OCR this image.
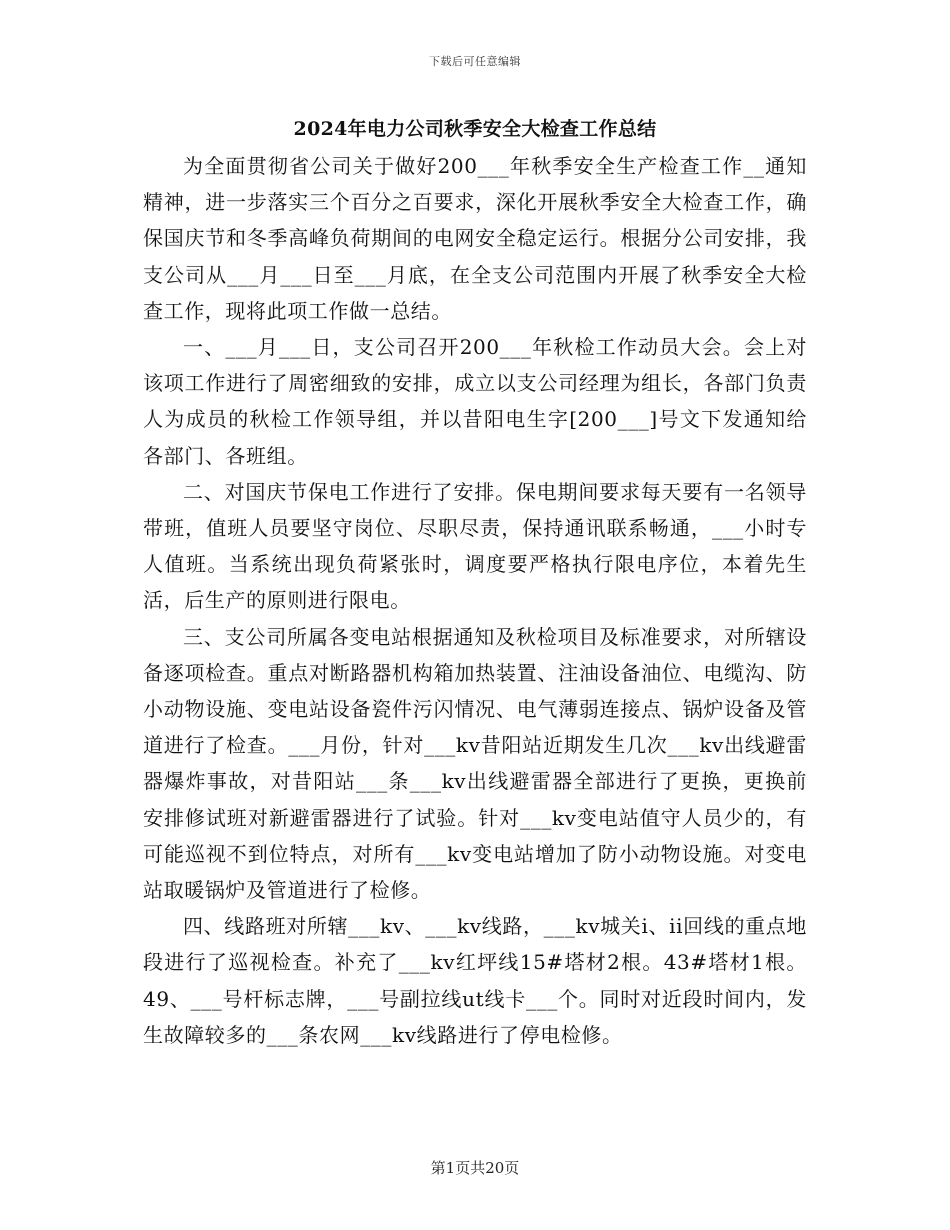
下载后可任意编辑
2024年电力公司秋季安全大检查工作总结

为全面贯彻省公司关于做好200___年秋季安全生产检查工作__通知精神，进一步落实三个百分之百要求，深化开展秋季安全大检查工作，确保国庆节和冬季高峰负荷期间的电网安全稳定运行。根据分公司安排，我支公司从___月___日至___月底，在全支公司范围内开展了秋季安全大检查工作，现将此项工作做一总结。

一、___月___日，支公司召开200___年秋检工作动员大会。会上对该项工作进行了周密细致的安排，成立以支公司经理为组长，各部门负责人为成员的秋检工作领导组，并以昔阳电生字[200___]号文下发通知给各部门、各班组。

二、对国庆节保电工作进行了安排。保电期间要求每天要有一名领导带班，值班人员要坚守岗位、尽职尽责，保持通讯联系畅通，___小时专人值班。当系统出现负荷紧张时，调度要严格执行限电序位，本着先生活，后生产的原则进行限电。

三、支公司所属各变电站根据通知及秋检项目及标准要求，对所辖设备逐项检查。重点对断路器机构箱加热装置、注油设备油位、电缆沟、防小动物设施、变电站设备瓷件污闪情况、电气薄弱连接点、锅炉设备及管道进行了检查。___月份，针对___kv昔阳站近期发生几次___kv出线避雷器爆炸事故，对昔阳站___条___kv出线避雷器全部进行了更换，更换前安排修试班对新避雷器进行了试验。针对___kv变电站值守人员少的，有可能巡视不到位特点，对所有___kv变电站增加了防小动物设施。对变电站取暖锅炉及管道进行了检修。

四、线路班对所辖___kv、___kv线路，___kv城关i、ii回线的重点地段进行了巡视检查。补充了___kv红坪线15#塔材2根。43#塔材1根。49、___号杆标志牌，___号副拉线ut线卡___个。同时对近段时间内，发生故障较多的___条农网___kv线路进行了停电检修。

第1页共20页
